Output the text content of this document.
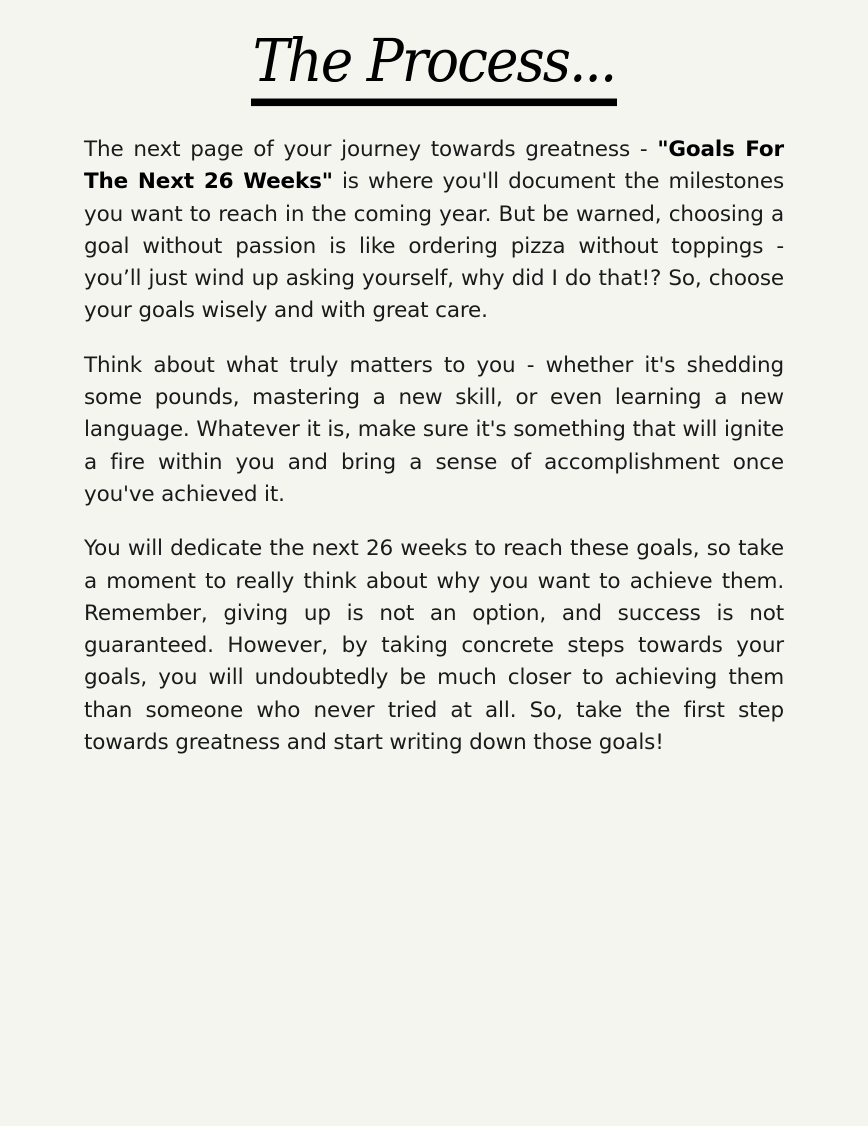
The Process...

The next page of your journey towards greatness - "Goals For The Next 26 Weeks" is where you'll document the milestones you want to reach in the coming year. But be warned, choosing a goal without passion is like ordering pizza without toppings - you’ll just wind up asking yourself, why did I do that!? So, choose your goals wisely and with great care.

Think about what truly matters to you - whether it's shedding some pounds, mastering a new skill, or even learning a new language. Whatever it is, make sure it's something that will ignite a fire within you and bring a sense of accomplishment once you've achieved it.

You will dedicate the next 26 weeks to reach these goals, so take a moment to really think about why you want to achieve them. Remember, giving up is not an option, and success is not guaranteed. However, by taking concrete steps towards your goals, you will undoubtedly be much closer to achieving them than someone who never tried at all. So, take the first step towards greatness and start writing down those goals!
